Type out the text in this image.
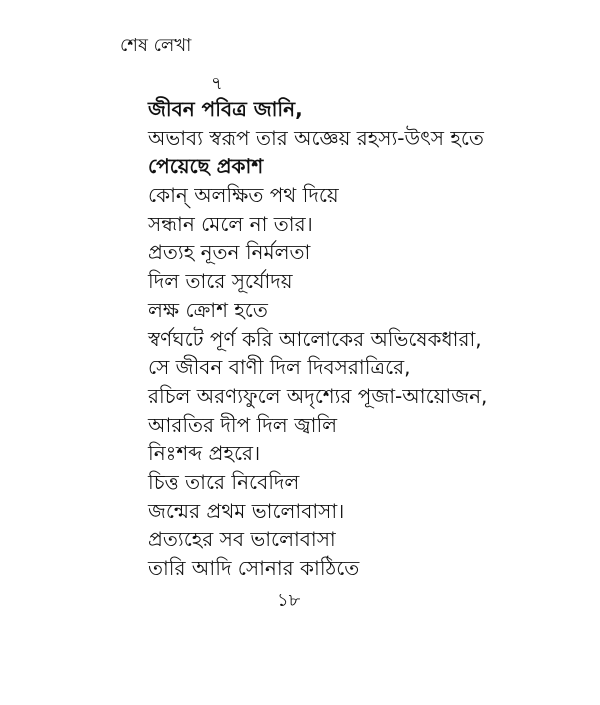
শেষ লেখা
৭
জীবন পবিত্র জানি,
অভাব্য স্বরূপ তার অজ্ঞেয় রহস্য-উৎস হতে
পেয়েছে প্রকাশ
কোন্‌ অলক্ষিত পথ দিয়ে
সন্ধান মেলে না তার।
প্রত্যহ নূতন নির্মলতা
দিল তারে সূর্যোদয়
লক্ষ ক্রোশ হতে
স্বর্ণঘটে পূর্ণ করি আলোকের অভিষেকধারা,
সে জীবন বাণী দিল দিবসরাত্রিরে,
রচিল অরণ্যফুলে অদৃশ্যের পূজা-আয়োজন,
আরতির দীপ দিল জ্বালি
নিঃশব্দ প্রহরে।
চিত্ত তারে নিবেদিল
জন্মের প্রথম ভালোবাসা।
প্রত্যহের সব ভালোবাসা
তারি আদি সোনার কাঠিতে
১৮
